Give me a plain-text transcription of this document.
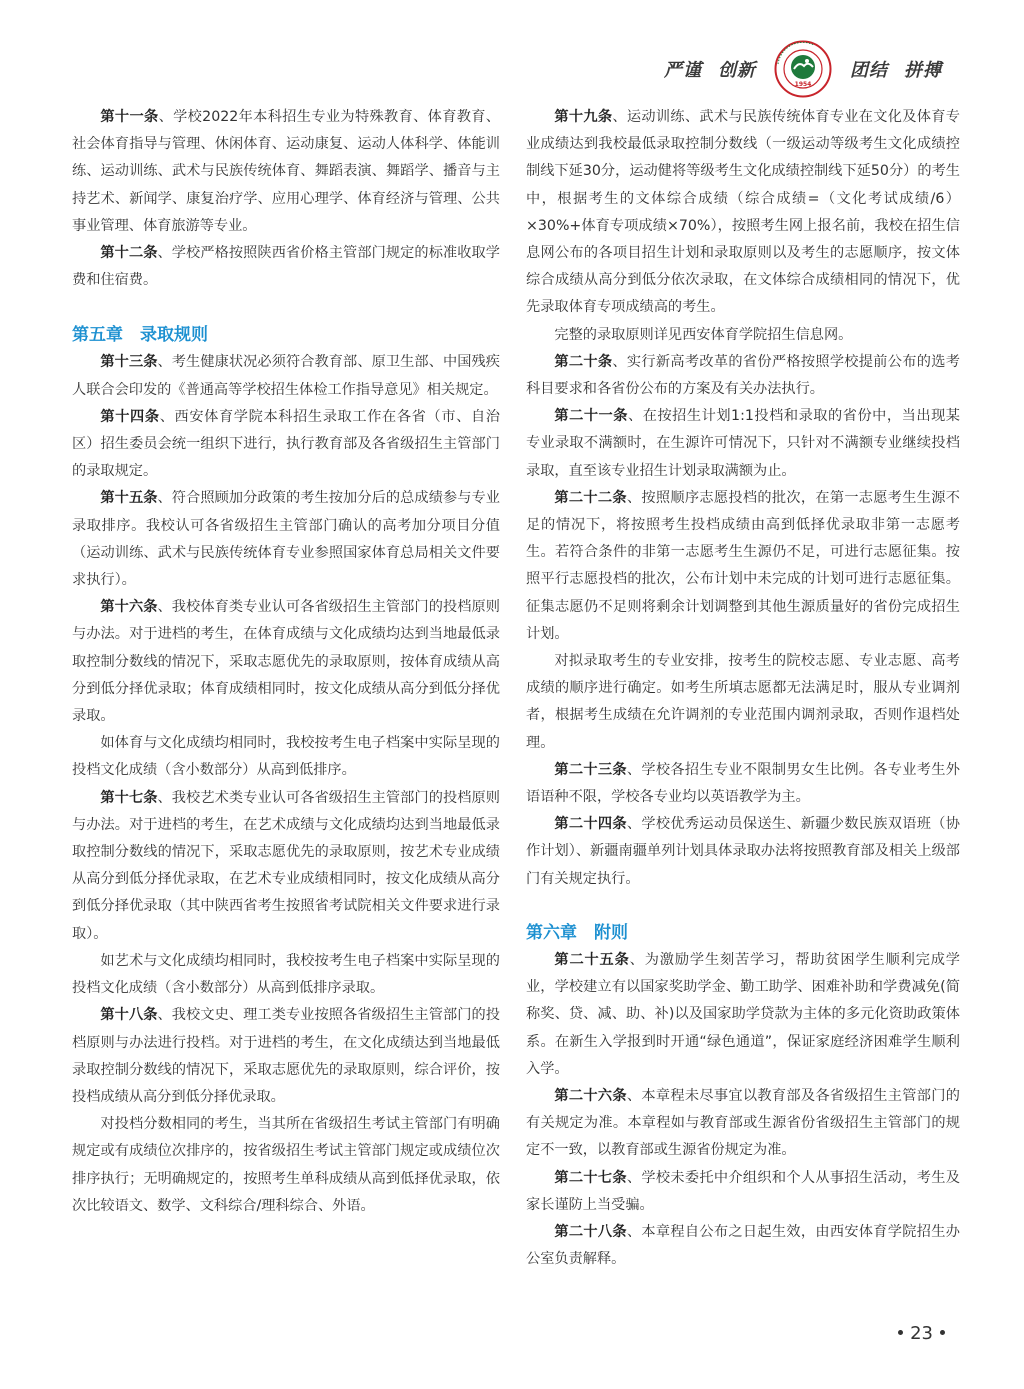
严谨 创新
1954
团结 拼搏

第十一条、学校2022年本科招生专业为特殊教育、体育教育、社会体育指导与管理、休闲体育、运动康复、运动人体科学、体能训练、运动训练、武术与民族传统体育、舞蹈表演、舞蹈学、播音与主持艺术、新闻学、康复治疗学、应用心理学、体育经济与管理、公共事业管理、体育旅游等专业。

第十二条、学校严格按照陕西省价格主管部门规定的标准收取学费和住宿费。

第五章　录取规则

第十三条、考生健康状况必须符合教育部、原卫生部、中国残疾人联合会印发的《普通高等学校招生体检工作指导意见》相关规定。

第十四条、西安体育学院本科招生录取工作在各省（市、自治区）招生委员会统一组织下进行，执行教育部及各省级招生主管部门的录取规定。

第十五条、符合照顾加分政策的考生按加分后的总成绩参与专业录取排序。我校认可各省级招生主管部门确认的高考加分项目分值（运动训练、武术与民族传统体育专业参照国家体育总局相关文件要求执行）。

第十六条、我校体育类专业认可各省级招生主管部门的投档原则与办法。对于进档的考生，在体育成绩与文化成绩均达到当地最低录取控制分数线的情况下，采取志愿优先的录取原则，按体育成绩从高分到低分择优录取；体育成绩相同时，按文化成绩从高分到低分择优录取。

如体育与文化成绩均相同时，我校按考生电子档案中实际呈现的投档文化成绩（含小数部分）从高到低排序。

第十七条、我校艺术类专业认可各省级招生主管部门的投档原则与办法。对于进档的考生，在艺术成绩与文化成绩均达到当地最低录取控制分数线的情况下，采取志愿优先的录取原则，按艺术专业成绩从高分到低分择优录取，在艺术专业成绩相同时，按文化成绩从高分到低分择优录取（其中陕西省考生按照省考试院相关文件要求进行录取）。

如艺术与文化成绩均相同时，我校按考生电子档案中实际呈现的投档文化成绩（含小数部分）从高到低排序录取。

第十八条、我校文史、理工类专业按照各省级招生主管部门的投档原则与办法进行投档。对于进档的考生，在文化成绩达到当地最低录取控制分数线的情况下，采取志愿优先的录取原则，综合评价，按投档成绩从高分到低分择优录取。

对投档分数相同的考生，当其所在省级招生考试主管部门有明确规定或有成绩位次排序的，按省级招生考试主管部门规定或成绩位次排序执行；无明确规定的，按照考生单科成绩从高到低择优录取，依次比较语文、数学、文科综合/理科综合、外语。

第十九条、运动训练、武术与民族传统体育专业在文化及体育专业成绩达到我校最低录取控制分数线（一级运动等级考生文化成绩控制线下延30分，运动健将等级考生文化成绩控制线下延50分）的考生中，根据考生的文体综合成绩（综合成绩=（文化考试成绩/6）×30%+体育专项成绩×70%），按照考生网上报名前，我校在招生信息网公布的各项目招生计划和录取原则以及考生的志愿顺序，按文体综合成绩从高分到低分依次录取，在文体综合成绩相同的情况下，优先录取体育专项成绩高的考生。

完整的录取原则详见西安体育学院招生信息网。

第二十条、实行新高考改革的省份严格按照学校提前公布的选考科目要求和各省份公布的方案及有关办法执行。

第二十一条、在按招生计划1:1投档和录取的省份中，当出现某专业录取不满额时，在生源许可情况下，只针对不满额专业继续投档录取，直至该专业招生计划录取满额为止。

第二十二条、按照顺序志愿投档的批次，在第一志愿考生生源不足的情况下，将按照考生投档成绩由高到低择优录取非第一志愿考生。若符合条件的非第一志愿考生生源仍不足，可进行志愿征集。按照平行志愿投档的批次，公布计划中未完成的计划可进行志愿征集。征集志愿仍不足则将剩余计划调整到其他生源质量好的省份完成招生计划。

对拟录取考生的专业安排，按考生的院校志愿、专业志愿、高考成绩的顺序进行确定。如考生所填志愿都无法满足时，服从专业调剂者，根据考生成绩在允许调剂的专业范围内调剂录取，否则作退档处理。

第二十三条、学校各招生专业不限制男女生比例。各专业考生外语语种不限，学校各专业均以英语教学为主。

第二十四条、学校优秀运动员保送生、新疆少数民族双语班（协作计划）、新疆南疆单列计划具体录取办法将按照教育部及相关上级部门有关规定执行。

第六章　附则

第二十五条、为激励学生刻苦学习，帮助贫困学生顺利完成学业，学校建立有以国家奖助学金、勤工助学、困难补助和学费减免(简称奖、贷、减、助、补)以及国家助学贷款为主体的多元化资助政策体系。在新生入学报到时开通“绿色通道”，保证家庭经济困难学生顺利入学。

第二十六条、本章程未尽事宜以教育部及各省级招生主管部门的有关规定为准。本章程如与教育部或生源省份省级招生主管部门的规定不一致，以教育部或生源省份规定为准。

第二十七条、学校未委托中介组织和个人从事招生活动，考生及家长谨防上当受骗。

第二十八条、本章程自公布之日起生效，由西安体育学院招生办公室负责解释。

23
